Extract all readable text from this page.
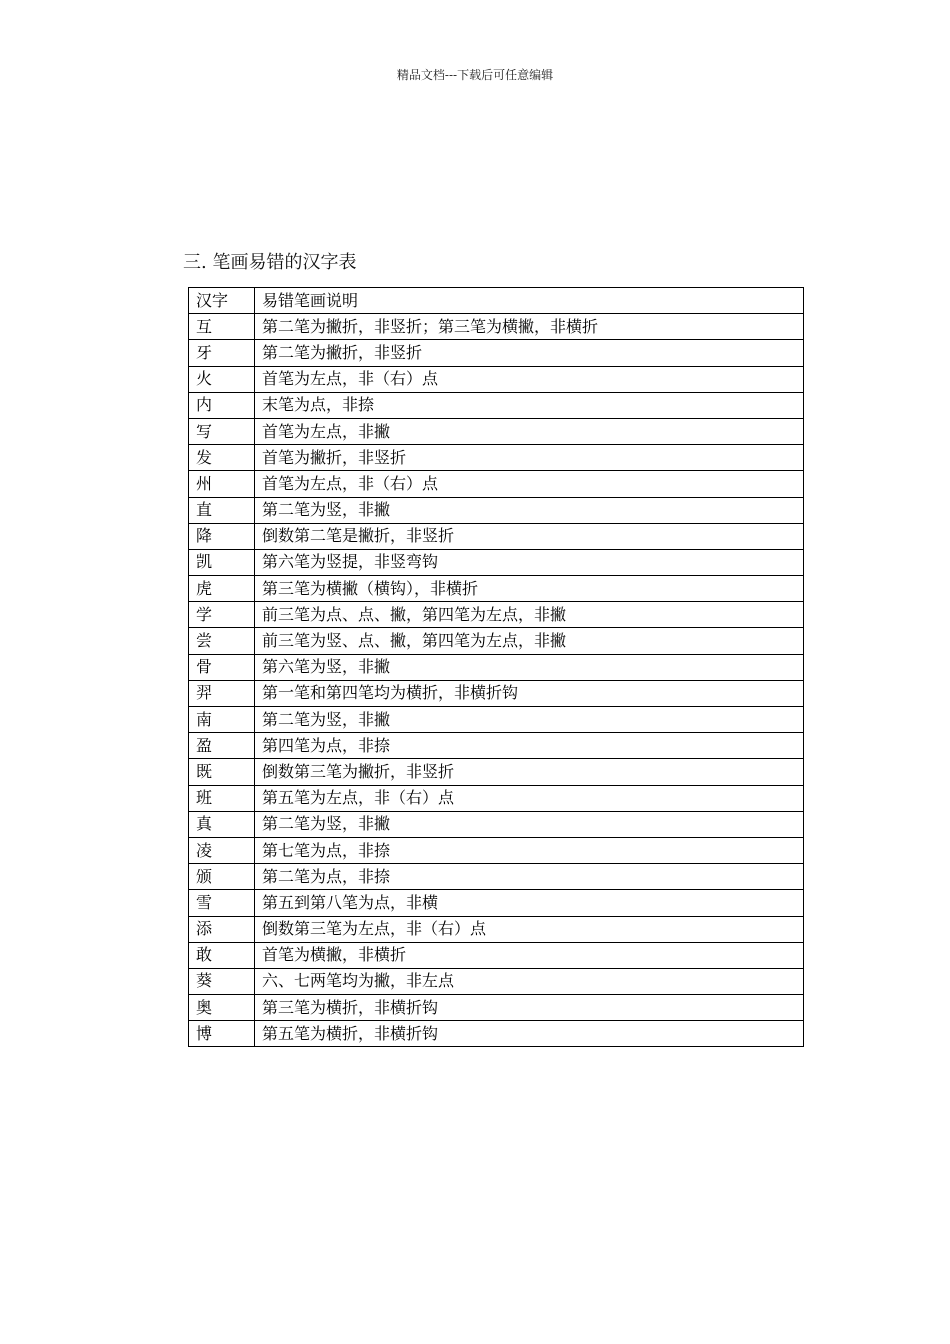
精品文档---下载后可任意编辑
三. 笔画易错的汉字表
汉字	易错笔画说明
互	第二笔为撇折，非竖折；第三笔为横撇，非横折
牙	第二笔为撇折，非竖折
火	首笔为左点，非（右）点
内	末笔为点，非捺
写	首笔为左点，非撇
发	首笔为撇折，非竖折
州	首笔为左点，非（右）点
直	第二笔为竖，非撇
降	倒数第二笔是撇折，非竖折
凯	第六笔为竖提，非竖弯钩
虎	第三笔为横撇（横钩），非横折
学	前三笔为点、点、撇，第四笔为左点，非撇
尝	前三笔为竖、点、撇，第四笔为左点，非撇
骨	第六笔为竖，非撇
羿	第一笔和第四笔均为横折，非横折钩
南	第二笔为竖，非撇
盈	第四笔为点，非捺
既	倒数第三笔为撇折，非竖折
班	第五笔为左点，非（右）点
真	第二笔为竖，非撇
凌	第七笔为点，非捺
颁	第二笔为点，非捺
雪	第五到第八笔为点，非横
添	倒数第三笔为左点，非（右）点
敢	首笔为横撇，非横折
葵	六、七两笔均为撇，非左点
奥	第三笔为横折，非横折钩
博	第五笔为横折，非横折钩
